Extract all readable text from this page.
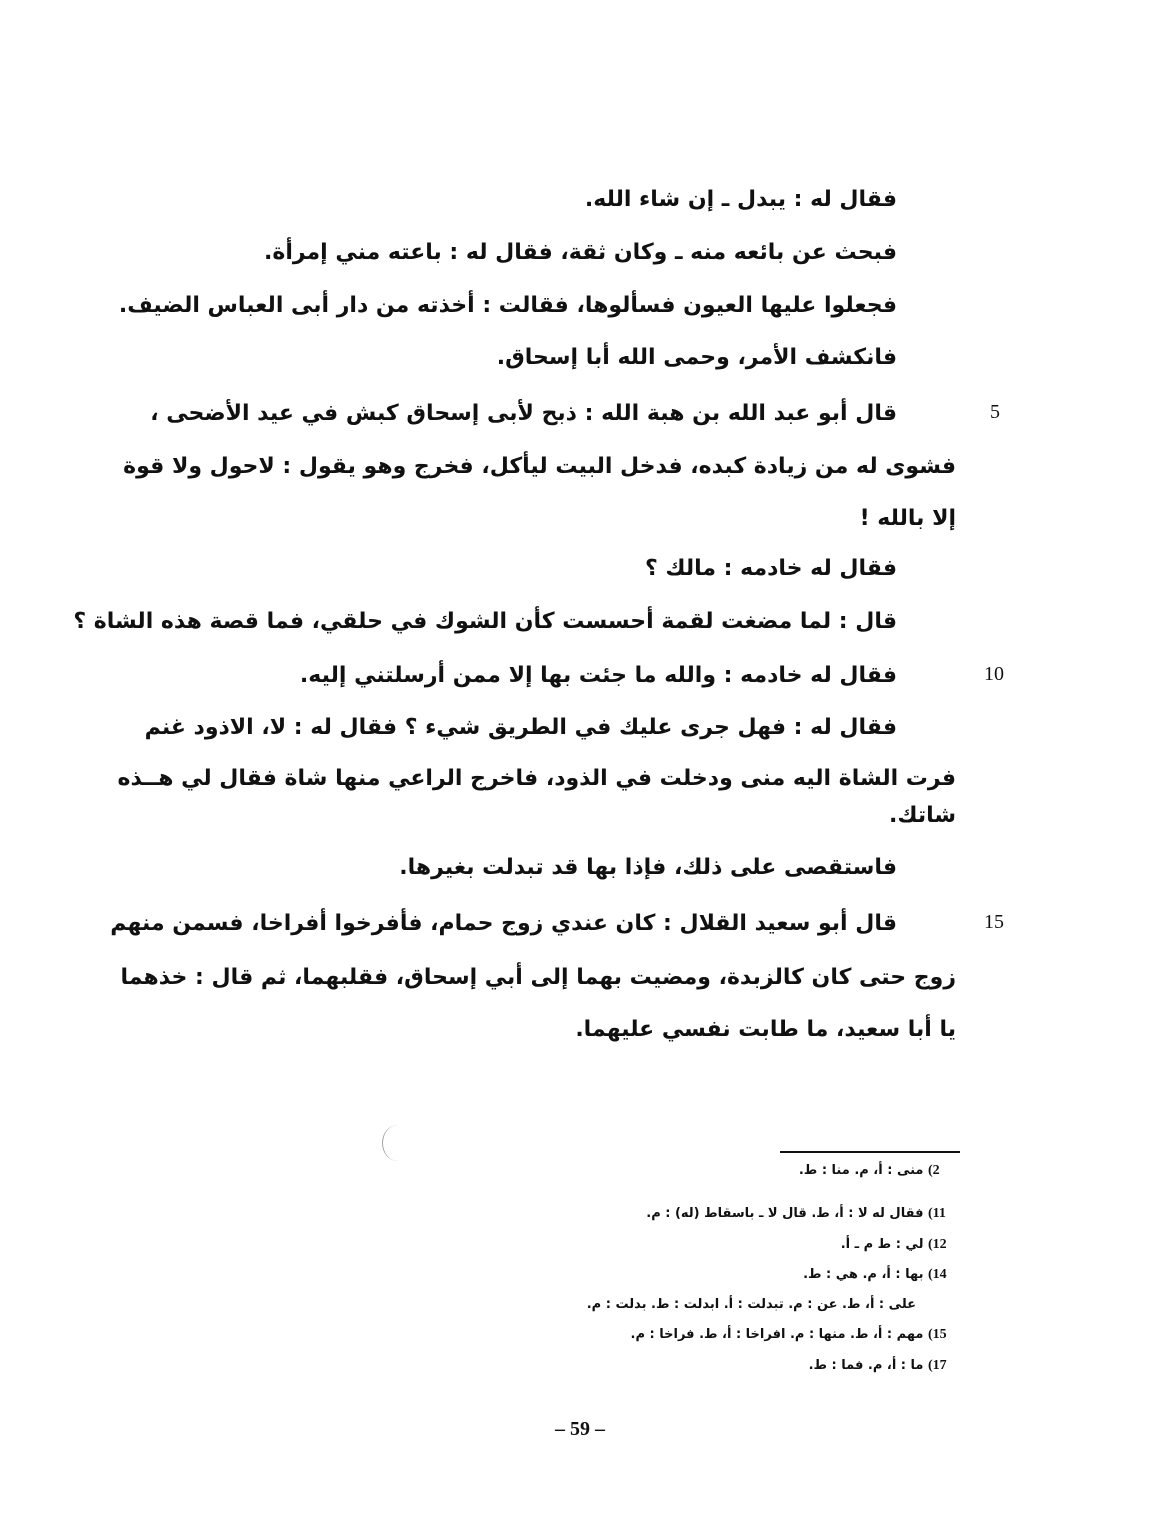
فقال له : يبدل ـ إن شاء الله.
فبحث عن بائعه منه ـ وكان ثقة، فقال له : باعته مني إمرأة.
فجعلوا عليها العيون فسألوها، فقالت : أخذته من دار أبى العباس الضيف.
فانكشف الأمر، وحمى الله أبا إسحاق.
قال أبو عبد الله بن هبة الله : ذبح لأبى إسحاق كبش في عيد الأضحى ،
فشوى له من زيادة كبده، فدخل البيت ليأكل، فخرج وهو يقول : لاحول ولا قوة
إلا بالله !
فقال له خادمه : مالك ؟
قال : لما مضغت لقمة أحسست كأن الشوك في حلقي، فما قصة هذه الشاة ؟
فقال له خادمه : والله ما جئت بها إلا ممن أرسلتني إليه.
فقال له : فهل جرى عليك في الطريق شيء ؟ فقال له : لا، الاذود غنم
فرت الشاة اليه منى ودخلت في الذود، فاخرج الراعي منها شاة فقال لي هــذه
شاتك.
فاستقصى على ذلك، فإذا بها قد تبدلت بغيرها.
قال أبو سعيد القلال : كان عندي زوج حمام، فأفرخوا أفراخا، فسمن منهم
زوج حتى كان كالزبدة، ومضيت بهما إلى أبي إسحاق، فقلبهما، ثم قال : خذهما
يا أبا سعيد، ما طابت نفسي عليهما.
5
10
15
2) منى : أ، م. منا : ط.
11) فقال له لا : أ، ط. قال لا ـ باسقاط (له) : م.
12) لي : ط م ـ أ.
14) بها : أ، م. هي : ط.
على : أ، ط. عن : م. تبدلت : أ. ابدلت : ط. بدلت : م.
15) مهم : أ، ط. منها : م. افراخا : أ، ط. فراخا : م.
17) ما : أ، م. فما : ط.
– 59 –
